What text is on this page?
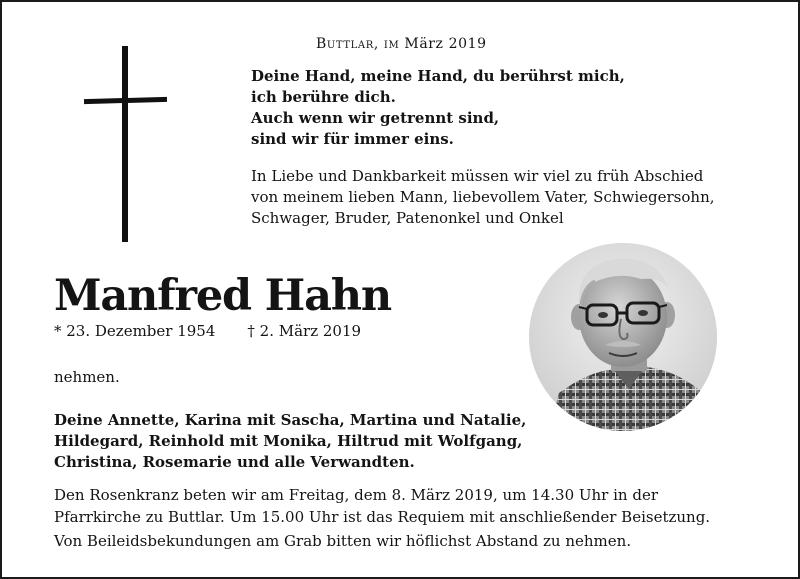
Buttlar, im März 2019
Deine Hand, meine Hand, du berührst mich,
ich berühre dich.
Auch wenn wir getrennt sind,
sind wir für immer eins.
In Liebe und Dankbarkeit müssen wir viel zu früh Abschied
von meinem lieben Mann, liebevollem Vater, Schwiegersohn,
Schwager, Bruder, Patenonkel und Onkel
Manfred Hahn
* 23. Dezember 1954 † 2. März 2019
nehmen.
Deine Annette, Karina mit Sascha, Martina und Natalie,
Hildegard, Reinhold mit Monika, Hiltrud mit Wolfgang,
Christina, Rosemarie und alle Verwandten.
Den Rosenkranz beten wir am Freitag, dem 8. März 2019, um 14.30 Uhr in der
Pfarrkirche zu Buttlar. Um 15.00 Uhr ist das Requiem mit anschließender Beisetzung.
Von Beileidsbekundungen am Grab bitten wir höflichst Abstand zu nehmen.
